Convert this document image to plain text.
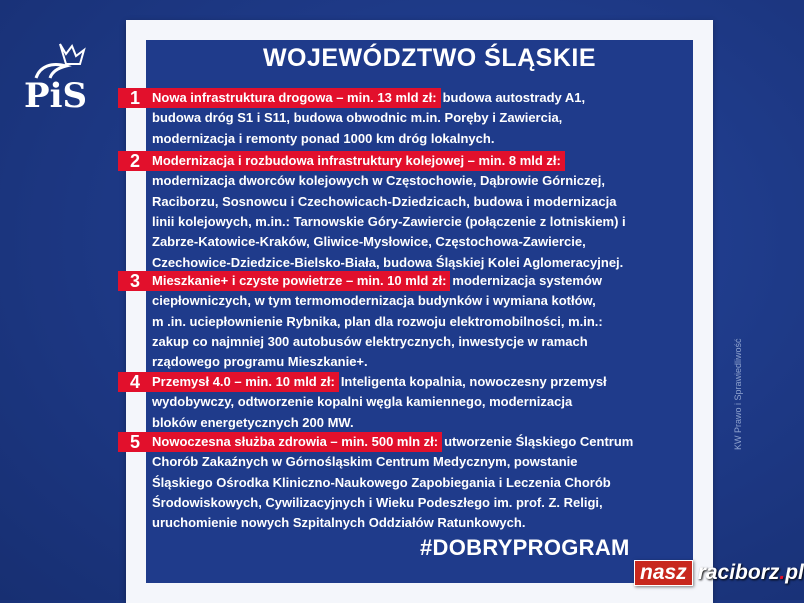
PiS
WOJEWÓDZTWO ŚLĄSKIE
1 Nowa infrastruktura drogowa – min. 13 mld zł: budowa autostrady A1,
budowa dróg S1 i S11, budowa obwodnic m.in. Poręby i Zawiercia,
modernizacja i remonty ponad 1000 km dróg lokalnych.
2 Modernizacja i rozbudowa infrastruktury kolejowej – min. 8 mld zł:
modernizacja dworców kolejowych w Częstochowie, Dąbrowie Górniczej,
Raciborzu, Sosnowcu i Czechowicach-Dziedzicach, budowa i modernizacja
linii kolejowych, m.in.: Tarnowskie Góry-Zawiercie (połączenie z lotniskiem) i
Zabrze-Katowice-Kraków, Gliwice-Mysłowice, Częstochowa-Zawiercie,
Czechowice-Dziedzice-Bielsko-Biała, budowa Śląskiej Kolei Aglomeracyjnej.
3 Mieszkanie+ i czyste powietrze – min. 10 mld zł: modernizacja systemów
ciepłowniczych, w tym termomodernizacja budynków i wymiana kotłów,
m .in. uciepłownienie Rybnika, plan dla rozwoju elektromobilności, m.in.:
zakup co najmniej 300 autobusów elektrycznych, inwestycje w ramach
rządowego programu Mieszkanie+.
4 Przemysł 4.0 – min. 10 mld zł: Inteligenta kopalnia, nowoczesny przemysł
wydobywczy, odtworzenie kopalni węgla kamiennego, modernizacja
bloków energetycznych 200 MW.
5 Nowoczesna służba zdrowia – min. 500 mln zł: utworzenie Śląskiego Centrum
Chorób Zakaźnych w Górnośląskim Centrum Medycznym, powstanie
Śląskiego Ośrodka Kliniczno-Naukowego Zapobiegania i Leczenia Chorób
Środowiskowych, Cywilizacyjnych i Wieku Podeszłego im. prof. Z. Religi,
uruchomienie nowych Szpitalnych Oddziałów Ratunkowych.
#DOBRYPROGRAM
KW Prawo i Sprawiedliwość
nasz raciborz.pl
